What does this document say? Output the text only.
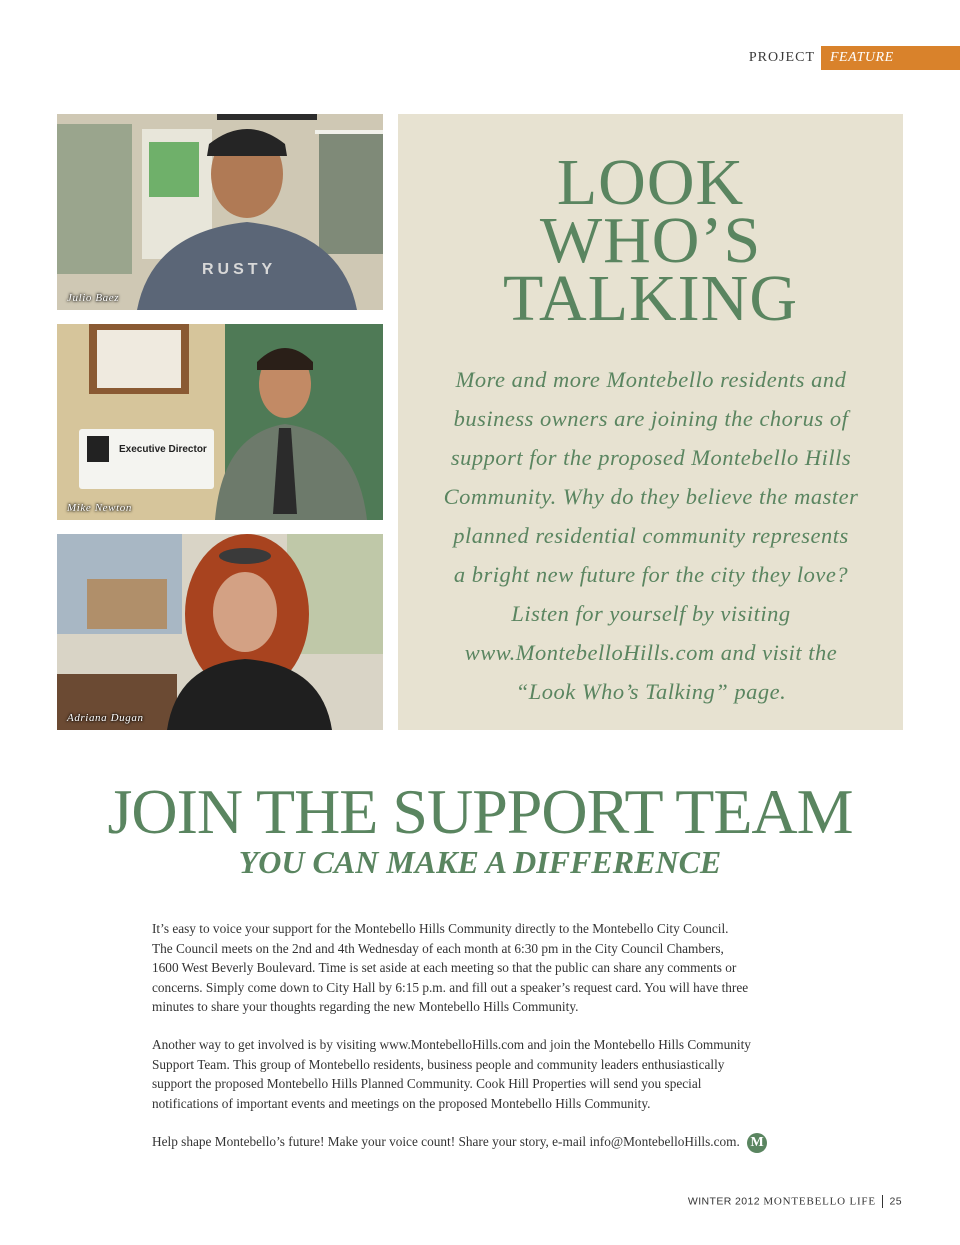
PROJECT	FEATURE
RUSTY
Julio Baez
Executive Director
Mike Newton
Adriana Dugan
LOOK
WHO’S
TALKING
More and more Montebello residents and
business owners are joining the chorus of
support for the proposed Montebello Hills
Community. Why do they believe the master
planned residential community represents
a bright new future for the city they love?
Listen for yourself by visiting
www.MontebelloHills.com and visit the
“Look Who’s Talking” page.
JOIN THE SUPPORT TEAM
YOU CAN MAKE A DIFFERENCE
It’s easy to voice your support for the Montebello Hills Community directly to the Montebello City Council.
The Council meets on the 2nd and 4th Wednesday of each month at 6:30 pm in the City Council Chambers,
1600 West Beverly Boulevard. Time is set aside at each meeting so that the public can share any comments or
concerns. Simply come down to City Hall by 6:15 p.m. and fill out a speaker’s request card. You will have three
minutes to share your thoughts regarding the new Montebello Hills Community.
Another way to get involved is by visiting www.MontebelloHills.com and join the Montebello Hills Community
Support Team. This group of Montebello residents, business people and community leaders enthusiastically
support the proposed Montebello Hills Planned Community. Cook Hill Properties will send you special
notifications of important events and meetings on the proposed Montebello Hills Community.
Help shape Montebello’s future! Make your voice count! Share your story, e-mail info@MontebelloHills.com. M
WINTER 2012 MONTEBELLO LIFE 25
